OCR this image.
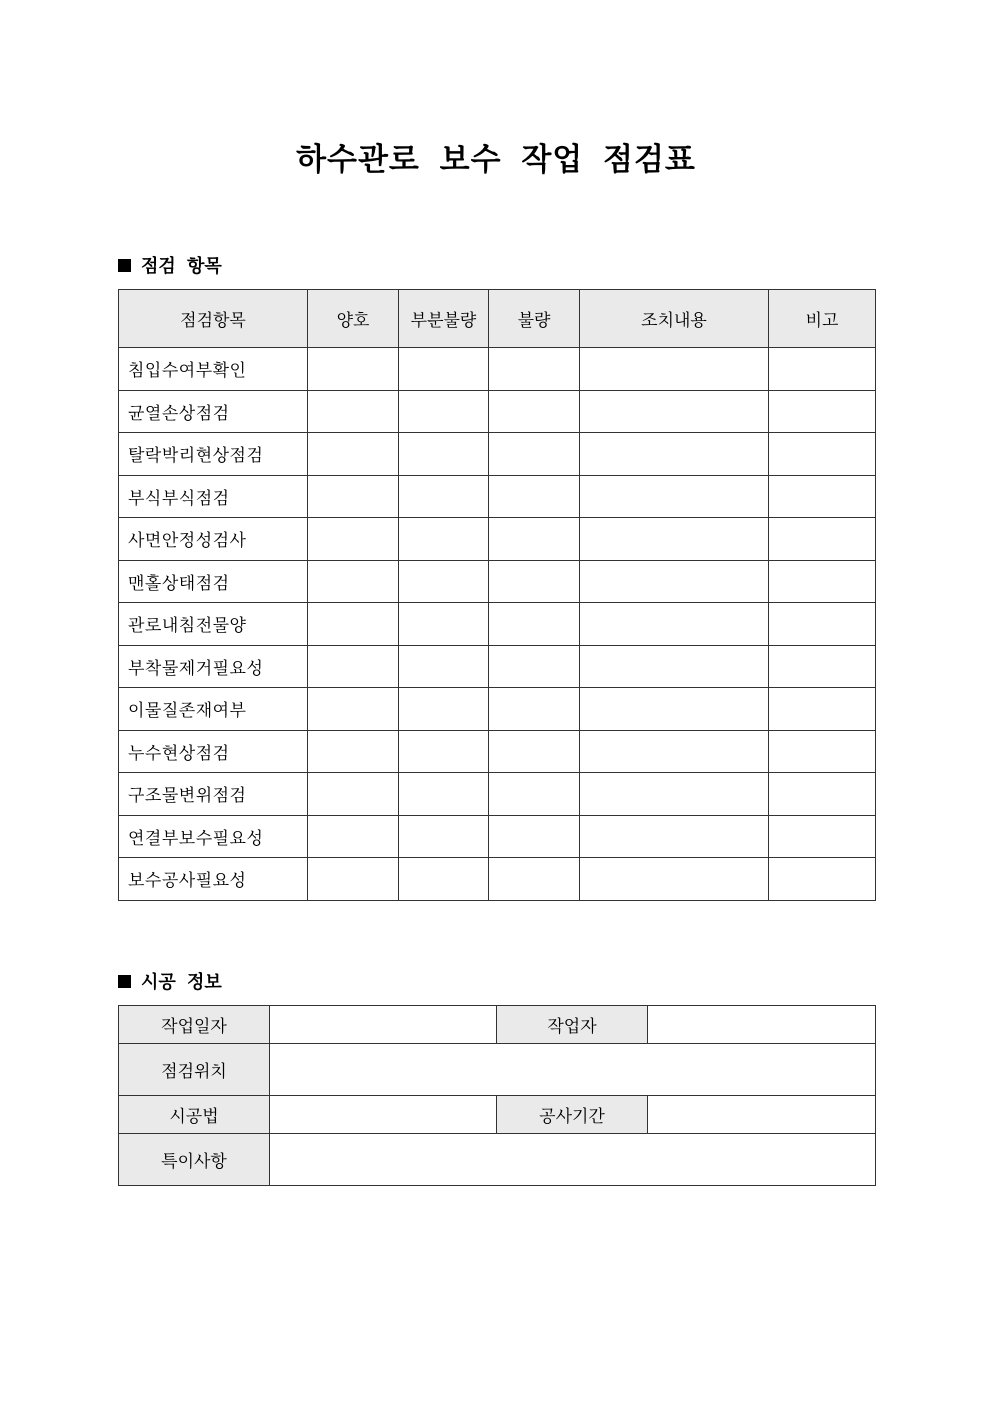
하수관로 보수 작업 점검표
점검 항목
점검항목	양호	부분불량	불량	조치내용	비고
침입수여부확인					
균열손상점검					
탈락박리현상점검					
부식부식점검					
사면안정성검사					
맨홀상태점검					
관로내침전물양					
부착물제거필요성					
이물질존재여부					
누수현상점검					
구조물변위점검					
연결부보수필요성					
보수공사필요성					
시공 정보
작업일자		작업자	
점검위치			
시공법		공사기간	
특이사항			
